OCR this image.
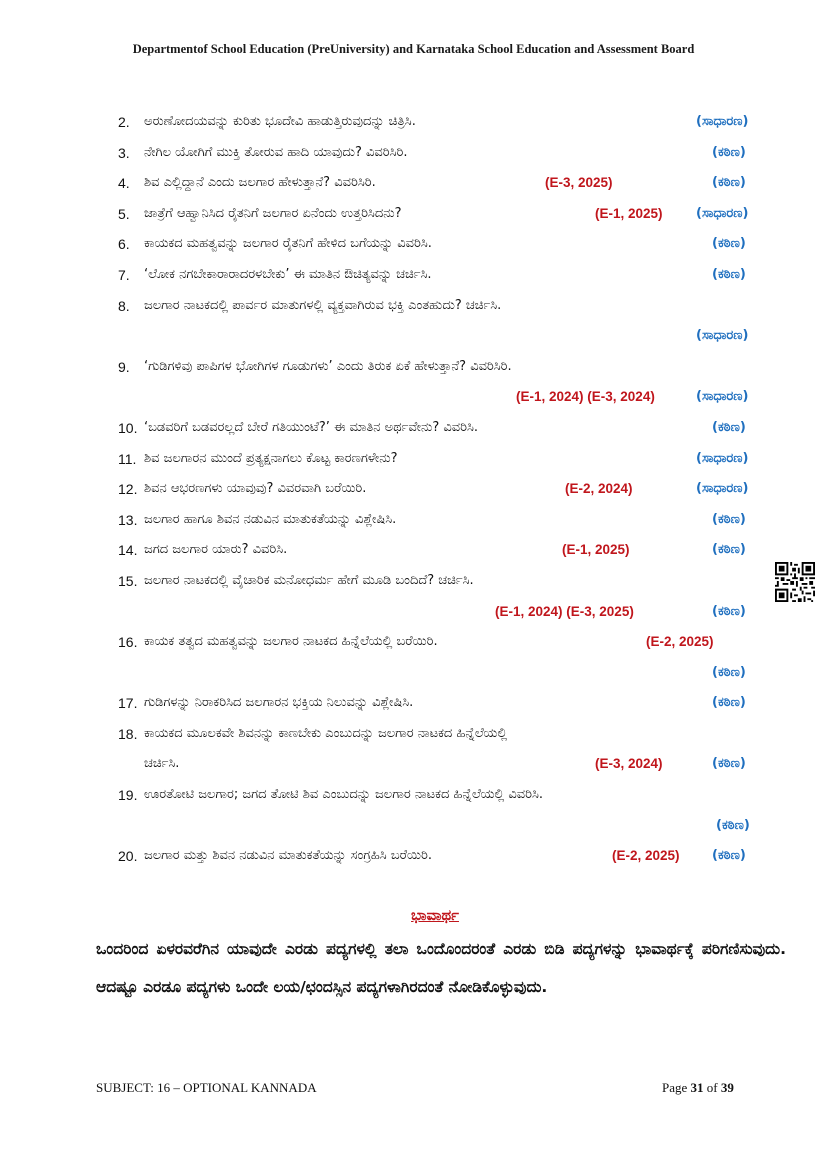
Departmentof School Education (PreUniversity) and Karnataka School Education and Assessment Board
2.	ಅರುಣೋದಯವನ್ನು ಕುರಿತು ಭೂದೇವಿ ಹಾಡುತ್ತಿರುವುದನ್ನು ಚಿತ್ರಿಸಿ.	(ಸಾಧಾರಣ)
3.	ನೇಗಿಲ ಯೋಗಿಗೆ ಮುಕ್ತಿ ತೋರುವ ಹಾದಿ ಯಾವುದು? ವಿವರಿಸಿರಿ.	(ಕಠಿಣ)
4.	ಶಿವ ಎಲ್ಲಿದ್ದಾನೆ ಎಂದು ಜಲಗಾರ ಹೇಳುತ್ತಾನೆ? ವಿವರಿಸಿರಿ.	(E-3, 2025)	(ಕಠಿಣ)
5.	ಜಾತ್ರೆಗೆ ಆಹ್ವಾನಿಸಿದ ರೈತನಿಗೆ ಜಲಗಾರ ಏನೆಂದು ಉತ್ತರಿಸಿದನು?	(E-1, 2025)	(ಸಾಧಾರಣ)
6.	ಕಾಯಕದ ಮಹತ್ವವನ್ನು ಜಲಗಾರ ರೈತನಿಗೆ ಹೇಳಿದ ಬಗೆಯನ್ನು ವಿವರಿಸಿ.	(ಕಠಿಣ)
7.	‘ಲೋಕ ನಗಬೇಕಾರಾರಾದರಳಬೇಕು’ ಈ ಮಾತಿನ ಔಚಿತ್ಯವನ್ನು ಚರ್ಚಿಸಿ.	(ಕಠಿಣ)
8.	ಜಲಗಾರ ನಾಟಕದಲ್ಲಿ ಪಾರ್ವರ ಮಾತುಗಳಲ್ಲಿ ವ್ಯಕ್ತವಾಗಿರುವ ಭಕ್ತಿ ಎಂತಹುದು? ಚರ್ಚಿಸಿ.
(ಸಾಧಾರಣ)
9.	‘ಗುಡಿಗಳಿವು ಪಾಪಿಗಳ ಭೋಗಿಗಳ ಗೂಡುಗಳು’ ಎಂದು ತಿರುಕ ಏಕೆ ಹೇಳುತ್ತಾನೆ? ವಿವರಿಸಿರಿ.
(E-1, 2024) (E-3, 2024)	(ಸಾಧಾರಣ)
10. ‘ಬಡವರಿಗೆ ಬಡವರಲ್ಲದೆ ಬೇರೆ ಗತಿಯುಂಟೆ?’ ಈ ಮಾತಿನ ಅರ್ಥವೇನು? ವಿವರಿಸಿ.	(ಕಠಿಣ)
11. ಶಿವ ಜಲಗಾರನ ಮುಂದೆ ಪ್ರತ್ಯಕ್ಷನಾಗಲು ಕೊಟ್ಟ ಕಾರಣಗಳೇನು?	(ಸಾಧಾರಣ)
12. ಶಿವನ ಆಭರಣಗಳು ಯಾವುವು? ವಿವರವಾಗಿ ಬರೆಯಿರಿ.	(E-2, 2024)	(ಸಾಧಾರಣ)
13. ಜಲಗಾರ ಹಾಗೂ ಶಿವನ ನಡುವಿನ ಮಾತುಕತೆಯನ್ನು ವಿಶ್ಲೇಷಿಸಿ.	(ಕಠಿಣ)
14. ಜಗದ ಜಲಗಾರ ಯಾರು? ವಿವರಿಸಿ.	(E-1, 2025)	(ಕಠಿಣ)
15. ಜಲಗಾರ ನಾಟಕದಲ್ಲಿ ವೈಚಾರಿಕ ಮನೋಧರ್ಮ ಹೇಗೆ ಮೂಡಿ ಬಂದಿದೆ? ಚರ್ಚಿಸಿ.
(E-1, 2024) (E-3, 2025)	(ಕಠಿಣ)
16. ಕಾಯಕ ತತ್ವದ ಮಹತ್ವವನ್ನು ಜಲಗಾರ ನಾಟಕದ ಹಿನ್ನೆಲೆಯಲ್ಲಿ ಬರೆಯಿರಿ.	(E-2, 2025)
(ಕಠಿಣ)
17. ಗುಡಿಗಳನ್ನು ನಿರಾಕರಿಸಿದ ಜಲಗಾರನ ಭಕ್ತಿಯ ನಿಲುವನ್ನು ವಿಶ್ಲೇಷಿಸಿ.	(ಕಠಿಣ)
18. ಕಾಯಕದ ಮೂಲಕವೇ ಶಿವನನ್ನು ಕಾಣಬೇಕು ಎಂಬುದನ್ನು ಜಲಗಾರ ನಾಟಕದ ಹಿನ್ನೆಲೆಯಲ್ಲಿ
ಚರ್ಚಿಸಿ.	(E-3, 2024)	(ಕಠಿಣ)
19. ಊರತೋಟಿ ಜಲಗಾರ; ಜಗದ ತೋಟಿ ಶಿವ ಎಂಬುದನ್ನು ಜಲಗಾರ ನಾಟಕದ ಹಿನ್ನೆಲೆಯಲ್ಲಿ ವಿವರಿಸಿ.
(ಕಠಿಣ)
20. ಜಲಗಾರ ಮತ್ತು ಶಿವನ ನಡುವಿನ ಮಾತುಕತೆಯನ್ನು ಸಂಗ್ರಹಿಸಿ ಬರೆಯಿರಿ.	(E-2, 2025) (ಕಠಿಣ)
ಭಾವಾರ್ಥ
ಒಂದರಿಂದ ಏಳರವರೆಗಿನ ಯಾವುದೇ ಎರಡು ಪದ್ಯಗಳಲ್ಲಿ ತಲಾ ಒಂದೊಂದರಂತೆ ಎರಡು ಬಿಡಿ ಪದ್ಯಗಳನ್ನು ಭಾವಾರ್ಥಕ್ಕೆ ಪರಿಗಣಿಸುವುದು. ಆದಷ್ಟೂ ಎರಡೂ ಪದ್ಯಗಳು ಒಂದೇ ಲಯ/ಛಂದಸ್ಸಿನ ಪದ್ಯಗಳಾಗಿರದಂತೆ ನೋಡಿಕೊಳ್ಳುವುದು.
SUBJECT: 16 – OPTIONAL KANNADA	Page 31 of 39
